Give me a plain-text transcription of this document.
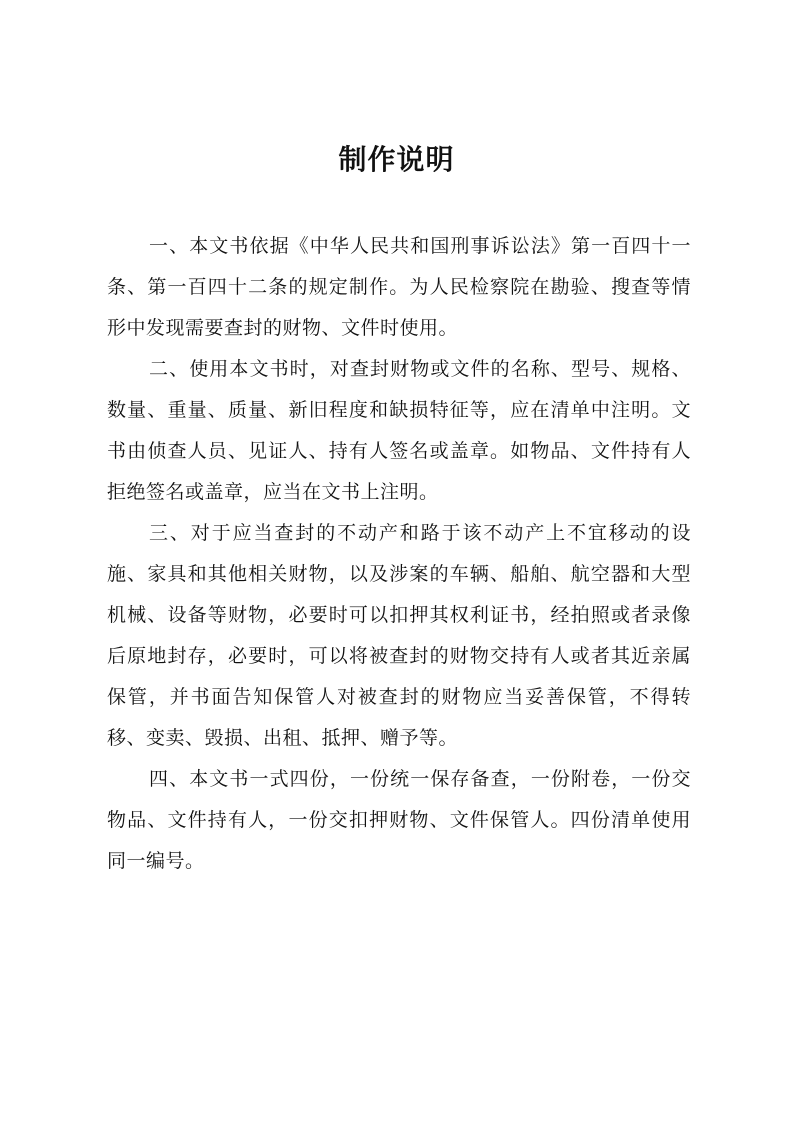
制作说明

一、本文书依据《中华人民共和国刑事诉讼法》第一百四十一条、第一百四十二条的规定制作。为人民检察院在勘验、搜查等情形中发现需要查封的财物、文件时使用。

二、使用本文书时，对查封财物或文件的名称、型号、规格、数量、重量、质量、新旧程度和缺损特征等，应在清单中注明。文书由侦查人员、见证人、持有人签名或盖章。如物品、文件持有人拒绝签名或盖章，应当在文书上注明。

三、对于应当查封的不动产和路于该不动产上不宜移动的设施、家具和其他相关财物，以及涉案的车辆、船舶、航空器和大型机械、设备等财物，必要时可以扣押其权利证书，经拍照或者录像后原地封存，必要时，可以将被查封的财物交持有人或者其近亲属保管，并书面告知保管人对被查封的财物应当妥善保管，不得转移、变卖、毁损、出租、抵押、赠予等。

四、本文书一式四份，一份统一保存备查，一份附卷，一份交物品、文件持有人，一份交扣押财物、文件保管人。四份清单使用同一编号。
